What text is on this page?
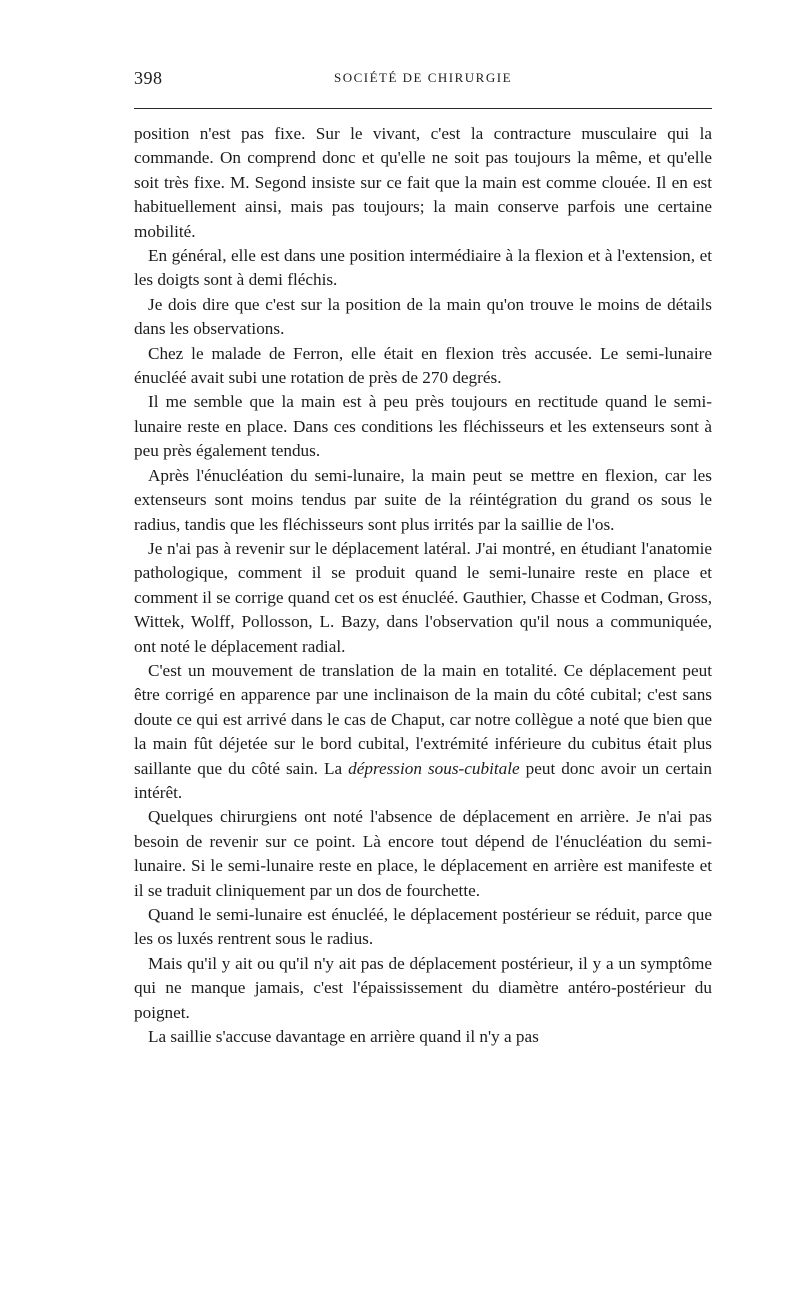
398	SOCIÉTÉ DE CHIRURGIE

position n'est pas fixe. Sur le vivant, c'est la contracture musculaire qui la commande. On comprend donc et qu'elle ne soit pas toujours la même, et qu'elle soit très fixe. M. Segond insiste sur ce fait que la main est comme clouée. Il en est habituellement ainsi, mais pas toujours; la main conserve parfois une certaine mobilité.

En général, elle est dans une position intermédiaire à la flexion et à l'extension, et les doigts sont à demi fléchis.

Je dois dire que c'est sur la position de la main qu'on trouve le moins de détails dans les observations.

Chez le malade de Ferron, elle était en flexion très accusée. Le semi-lunaire énucléé avait subi une rotation de près de 270 degrés.

Il me semble que la main est à peu près toujours en rectitude quand le semi-lunaire reste en place. Dans ces conditions les fléchisseurs et les extenseurs sont à peu près également tendus.

Après l'énucléation du semi-lunaire, la main peut se mettre en flexion, car les extenseurs sont moins tendus par suite de la réintégration du grand os sous le radius, tandis que les fléchisseurs sont plus irrités par la saillie de l'os.

Je n'ai pas à revenir sur le déplacement latéral. J'ai montré, en étudiant l'anatomie pathologique, comment il se produit quand le semi-lunaire reste en place et comment il se corrige quand cet os est énucléé. Gauthier, Chasse et Codman, Gross, Wittek, Wolff, Pollosson, L. Bazy, dans l'observation qu'il nous a communiquée, ont noté le déplacement radial.

C'est un mouvement de translation de la main en totalité. Ce déplacement peut être corrigé en apparence par une inclinaison de la main du côté cubital; c'est sans doute ce qui est arrivé dans le cas de Chaput, car notre collègue a noté que bien que la main fût déjetée sur le bord cubital, l'extrémité inférieure du cubitus était plus saillante que du côté sain. La dépression sous-cubitale peut donc avoir un certain intérêt.

Quelques chirurgiens ont noté l'absence de déplacement en arrière. Je n'ai pas besoin de revenir sur ce point. Là encore tout dépend de l'énucléation du semi-lunaire. Si le semi-lunaire reste en place, le déplacement en arrière est manifeste et il se traduit cliniquement par un dos de fourchette.

Quand le semi-lunaire est énucléé, le déplacement postérieur se réduit, parce que les os luxés rentrent sous le radius.

Mais qu'il y ait ou qu'il n'y ait pas de déplacement postérieur, il y a un symptôme qui ne manque jamais, c'est l'épaississement du diamètre antéro-postérieur du poignet.

La saillie s'accuse davantage en arrière quand il n'y a pas
